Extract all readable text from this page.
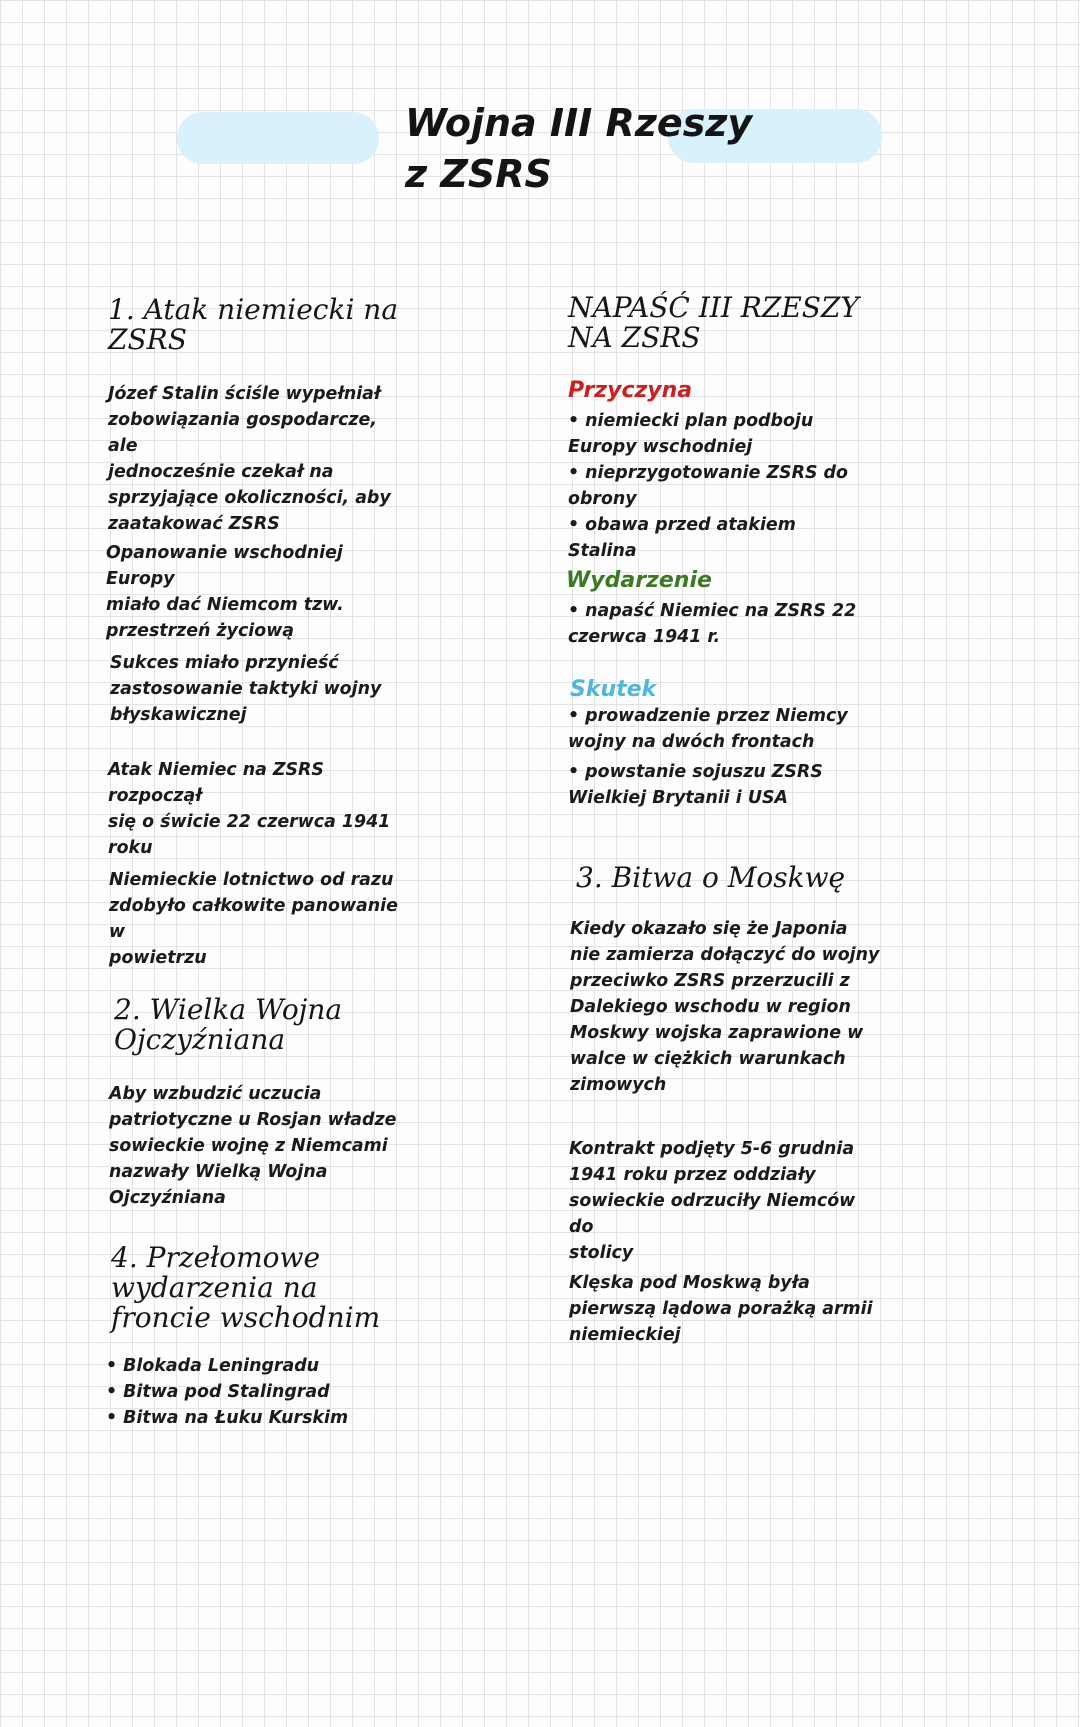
Wojna III Rzeszy
z ZSRS
1. Atak niemiecki na
ZSRS
Józef Stalin ściśle wypełniał
zobowiązania gospodarcze, ale
jednocześnie czekał na
sprzyjające okoliczności, aby
zaatakować ZSRS
Opanowanie wschodniej Europy
miało dać Niemcom tzw.
przestrzeń życiową
Sukces miało przynieść
zastosowanie taktyki wojny
błyskawicznej
Atak Niemiec na ZSRS rozpoczął
się o świcie 22 czerwca 1941
roku
Niemieckie lotnictwo od razu
zdobyło całkowite panowanie w
powietrzu
2. Wielka Wojna
Ojczyźniana
Aby wzbudzić uczucia
patriotyczne u Rosjan władze
sowieckie wojnę z Niemcami
nazwały Wielką Wojna
Ojczyźniana
4. Przełomowe
wydarzenia na
froncie wschodnim
• Blokada Leningradu
• Bitwa pod Stalingrad
• Bitwa na Łuku Kurskim
NAPAŚĆ III RZESZY
NA ZSRS
Przyczyna
• niemiecki plan podboju
Europy wschodniej
• nieprzygotowanie ZSRS do
obrony
• obawa przed atakiem Stalina
Wydarzenie
• napaść Niemiec na ZSRS 22
czerwca 1941 r.
Skutek
• prowadzenie przez Niemcy
wojny na dwóch frontach
• powstanie sojuszu ZSRS
Wielkiej Brytanii i USA
3. Bitwa o Moskwę
Kiedy okazało się że Japonia
nie zamierza dołączyć do wojny
przeciwko ZSRS przerzucili z
Dalekiego wschodu w region
Moskwy wojska zaprawione w
walce w ciężkich warunkach
zimowych
Kontrakt podjęty 5-6 grudnia
1941 roku przez oddziały
sowieckie odrzuciły Niemców do
stolicy
Klęska pod Moskwą była
pierwszą lądowa porażką armii
niemieckiej
